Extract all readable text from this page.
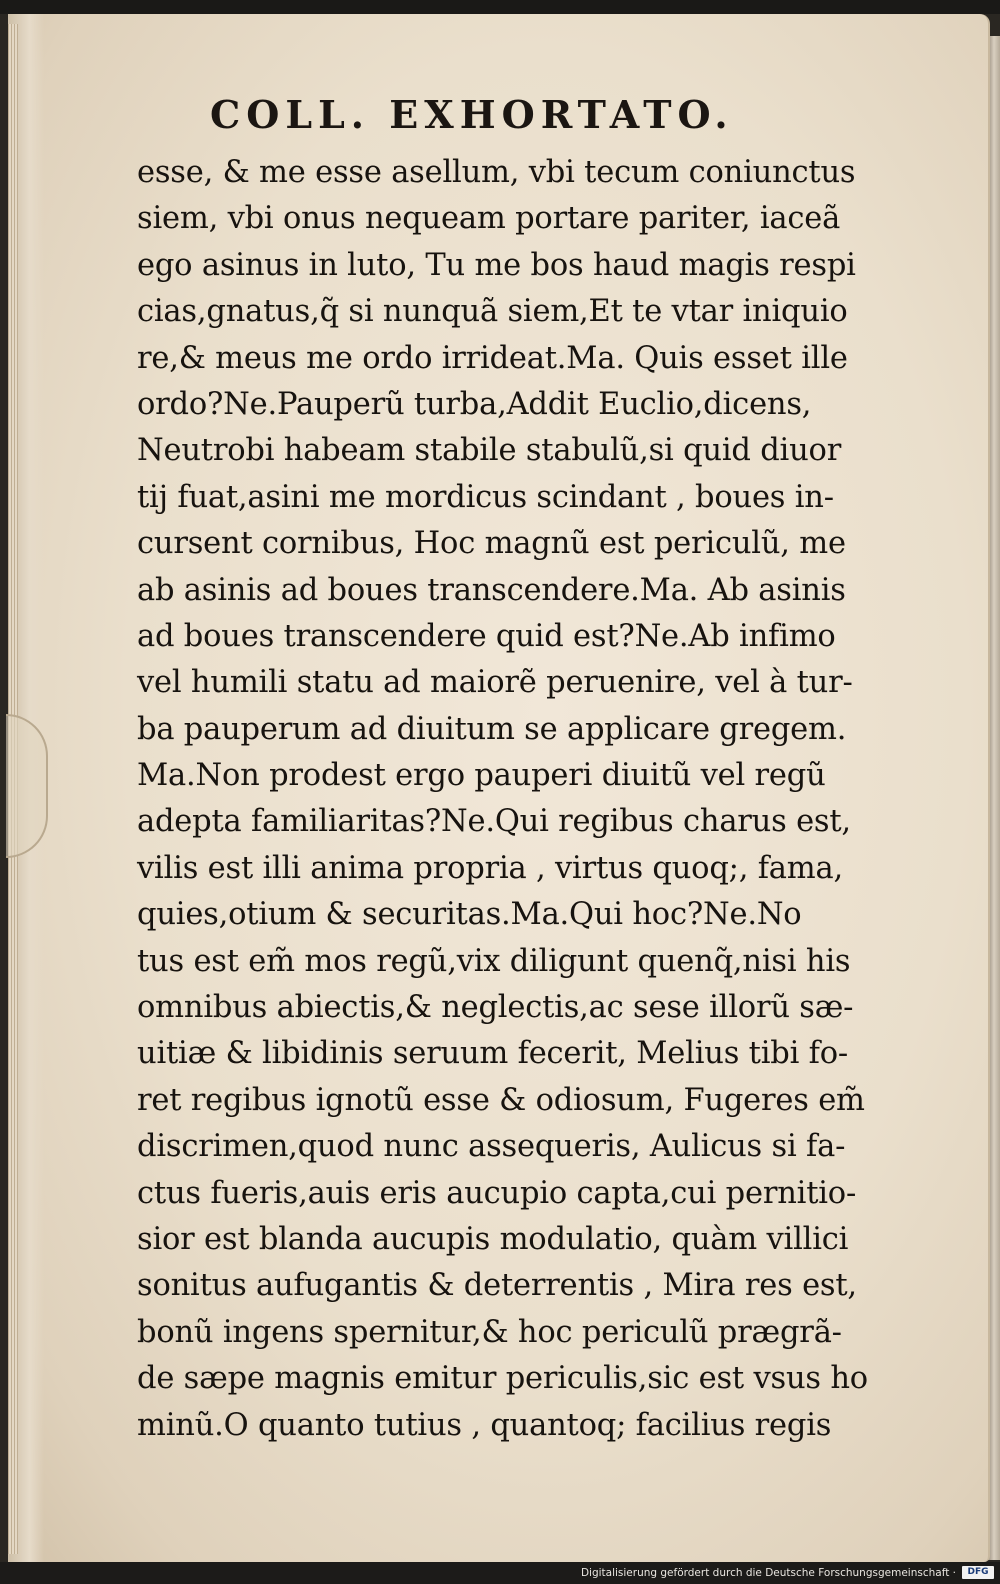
COLL. EXHORTATO.
esse, & me esse asellum, vbi tecum coniunctus
siem, vbi onus nequeam portare pariter, iaceã
ego asinus in luto, Tu me bos haud magis respi
cias,gnatus,q̃ si nunquã siem,Et te vtar iniquio
re,& meus me ordo irrideat.Ma. Quis esset ille
ordo?Ne.Pauperũ turba,Addit Euclio,dicens,
Neutrobi habeam stabile stabulũ,si quid diuor
tij fuat,asini me mordicus scindant , boues in-
cursent cornibus, Hoc magnũ est periculũ, me
ab asinis ad boues transcendere.Ma. Ab asinis
ad boues transcendere quid est?Ne.Ab infimo
vel humili statu ad maiorẽ peruenire, vel à tur-
ba pauperum ad diuitum se applicare gregem.
Ma.Non prodest ergo pauperi diuitũ vel regũ
adepta familiaritas?Ne.Qui regibus charus est,
vilis est illi anima propria , virtus quoq;, fama,
quies,otium & securitas.Ma.Qui hoc?Ne.No
tus est em̃ mos regũ,vix diligunt quenq̃,nisi his
omnibus abiectis,& neglectis,ac sese illorũ sæ-
uitiæ & libidinis seruum fecerit, Melius tibi fo-
ret regibus ignotũ esse & odiosum, Fugeres em̃
discrimen,quod nunc assequeris, Aulicus si fa-
ctus fueris,auis eris aucupio capta,cui pernitio-
sior est blanda aucupis modulatio, quàm villici
sonitus aufugantis & deterrentis , Mira res est,
bonũ ingens spernitur,& hoc periculũ prægrã-
de sæpe magnis emitur periculis,sic est vsus ho
minũ.O quanto tutius , quantoq; facilius regis
Digitalisierung gefördert durch die Deutsche Forschungsgemeinschaft ·	DFG
